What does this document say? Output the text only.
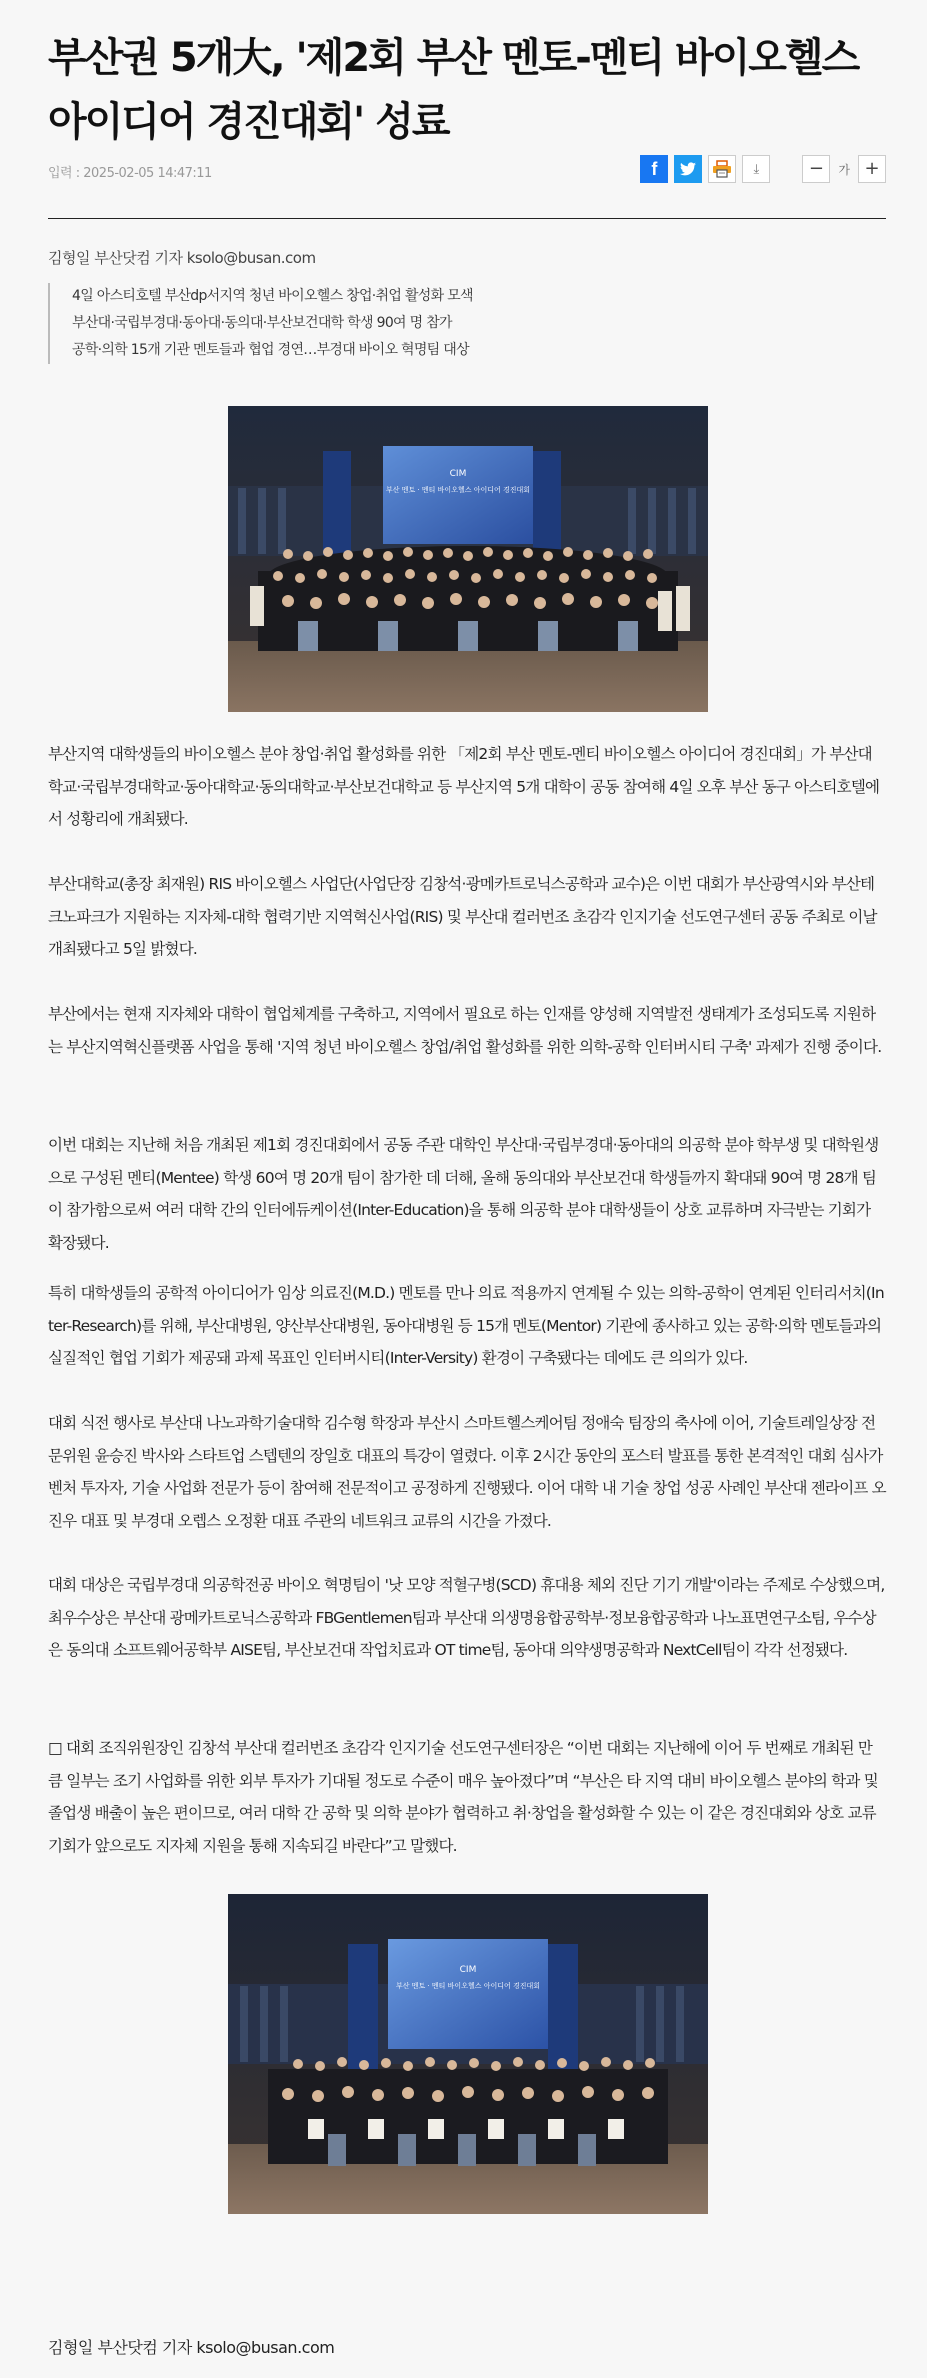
부산권 5개大, '제2회 부산 멘토-멘티 바이오헬스 아이디어 경진대회' 성료
입력 : 2025-02-05 14:47:11	f	⤓	− 가 +
김형일 부산닷컴 기자 ksolo@busan.com
4일 아스티호텔 부산dp서지역 청년 바이오헬스 창업·취업 활성화 모색
부산대·국립부경대·동아대·동의대·부산보건대학 학생 90여 명 참가
공학·의학 15개 기관 멘토들과 협업 경연…부경대 바이오 혁명팀 대상
CIM
부산 멘토 · 멘티 바이오헬스 아이디어 경진대회

부산지역 대학생들의 바이오헬스 분야 창업·취업 활성화를 위한 「제2회 부산 멘토-멘티 바이오헬스 아이디어 경진대회」가 부산대학교·국립부경대학교·동아대학교·동의대학교·부산보건대학교 등 부산지역 5개 대학이 공동 참여해 4일 오후 부산 동구 아스티호텔에서 성황리에 개최됐다.

부산대학교(총장 최재원) RIS 바이오헬스 사업단(사업단장 김창석·광메카트로닉스공학과 교수)은 이번 대회가 부산광역시와 부산테크노파크가 지원하는 지자체-대학 협력기반 지역혁신사업(RIS) 및 부산대 컬러번조 초감각 인지기술 선도연구센터 공동 주최로 이날 개최됐다고 5일 밝혔다.

부산에서는 현재 지자체와 대학이 협업체계를 구축하고, 지역에서 필요로 하는 인재를 양성해 지역발전 생태계가 조성되도록 지원하는 부산지역혁신플랫폼 사업을 통해 '지역 청년 바이오헬스 창업/취업 활성화를 위한 의학-공학 인터버시티 구축' 과제가 진행 중이다.

이번 대회는 지난해 처음 개최된 제1회 경진대회에서 공동 주관 대학인 부산대·국립부경대·동아대의 의공학 분야 학부생 및 대학원생으로 구성된 멘티(Mentee) 학생 60여 명 20개 팀이 참가한 데 더해, 올해 동의대와 부산보건대 학생들까지 확대돼 90여 명 28개 팀이 참가함으로써 여러 대학 간의 인터에듀케이션(Inter-Education)을 통해 의공학 분야 대학생들이 상호 교류하며 자극받는 기회가 확장됐다.

특히 대학생들의 공학적 아이디어가 임상 의료진(M.D.) 멘토를 만나 의료 적용까지 연계될 수 있는 의학-공학이 연계된 인터리서치(Inter-Research)를 위해, 부산대병원, 양산부산대병원, 동아대병원 등 15개 멘토(Mentor) 기관에 종사하고 있는 공학·의학 멘토들과의 실질적인 협업 기회가 제공돼 과제 목표인 인터버시티(Inter-Versity) 환경이 구축됐다는 데에도 큰 의의가 있다.

대회 식전 행사로 부산대 나노과학기술대학 김수형 학장과 부산시 스마트헬스케어팀 정애숙 팀장의 축사에 이어, 기술트레일상장 전문위원 윤승진 박사와 스타트업 스텝텐의 장일호 대표의 특강이 열렸다. 이후 2시간 동안의 포스터 발표를 통한 본격적인 대회 심사가 벤처 투자자, 기술 사업화 전문가 등이 참여해 전문적이고 공정하게 진행됐다. 이어 대학 내 기술 창업 성공 사례인 부산대 젠라이프 오진우 대표 및 부경대 오렙스 오정환 대표 주관의 네트워크 교류의 시간을 가졌다.

대회 대상은 국립부경대 의공학전공 바이오 혁명팀이 '낫 모양 적혈구병(SCD) 휴대용 체외 진단 기기 개발'이라는 주제로 수상했으며, 최우수상은 부산대 광메카트로닉스공학과 FBGentlemen팀과 부산대 의생명융합공학부·정보융합공학과 나노표면연구소팀, 우수상은 동의대 소프트웨어공학부 AISE팀, 부산보건대 작업치료과 OT time팀, 동아대 의약생명공학과 NextCell팀이 각각 선정됐다.

□ 대회 조직위원장인 김창석 부산대 컬러번조 초감각 인지기술 선도연구센터장은 “이번 대회는 지난해에 이어 두 번째로 개최된 만큼 일부는 조기 사업화를 위한 외부 투자가 기대될 정도로 수준이 매우 높아졌다”며 “부산은 타 지역 대비 바이오헬스 분야의 학과 및 졸업생 배출이 높은 편이므로, 여러 대학 간 공학 및 의학 분야가 협력하고 취·창업을 활성화할 수 있는 이 같은 경진대회와 상호 교류 기회가 앞으로도 지자체 지원을 통해 지속되길 바란다”고 말했다.

CIM
부산 멘토 · 멘티 바이오헬스 아이디어 경진대회
김형일 부산닷컴 기자 ksolo@busan.com
